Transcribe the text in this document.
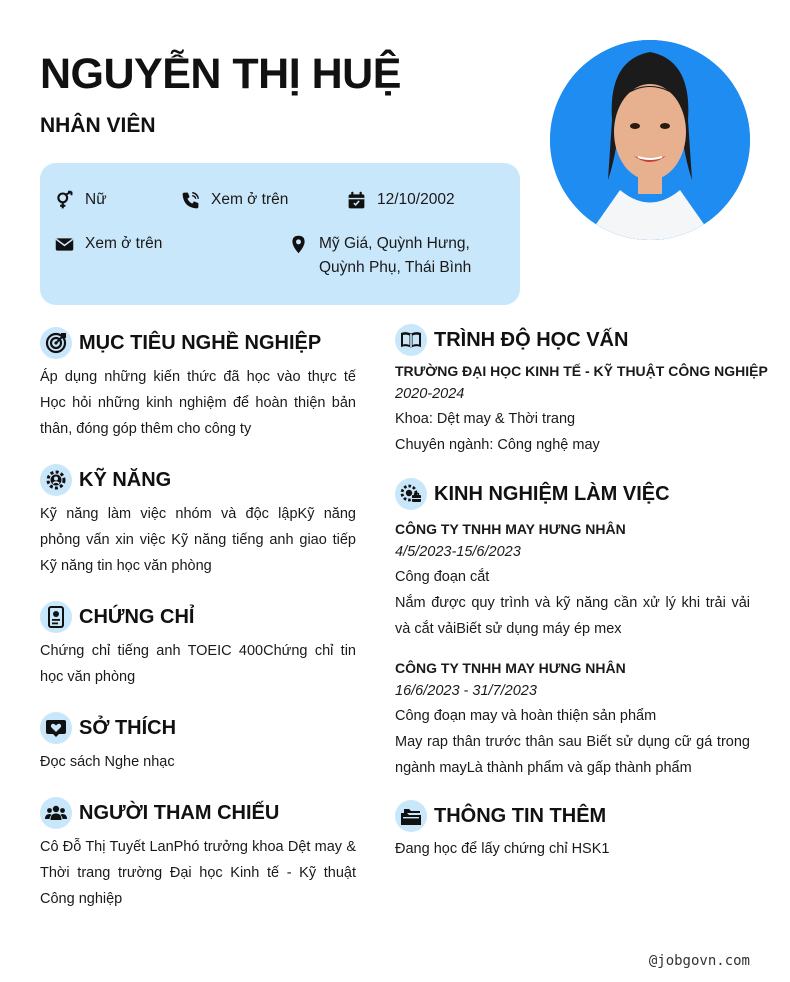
NGUYỄN THỊ HUỆ
NHÂN VIÊN
Nữ	Xem ở trên	12/10/2002
Xem ở trên	Mỹ Giá, Quỳnh Hưng,
Quỳnh Phụ, Thái Bình
MỤC TIÊU NGHỀ NGHIỆP
Áp dụng những kiến thức đã học vào thực tế Học hỏi những kinh nghiệm để hoàn thiện bản thân, đóng góp thêm cho công ty
KỸ NĂNG
Kỹ năng làm việc nhóm và độc lậpKỹ năng phỏng vấn xin việc Kỹ năng tiếng anh giao tiếp Kỹ năng tin học văn phòng
CHỨNG CHỈ
Chứng chỉ tiếng anh TOEIC 400Chứng chỉ tin học văn phòng
SỞ THÍCH
Đọc sách Nghe nhạc
NGƯỜI THAM CHIẾU
Cô Đỗ Thị Tuyết LanPhó trưởng khoa Dệt may & Thời trang trường Đại học Kinh tế - Kỹ thuật Công nghiệp
TRÌNH ĐỘ HỌC VẤN
TRƯỜNG ĐẠI HỌC KINH TẾ - KỸ THUẬT CÔNG NGHIỆP
2020-2024
Khoa: Dệt may & Thời trang
Chuyên ngành: Công nghệ may
KINH NGHIỆM LÀM VIỆC
CÔNG TY TNHH MAY HƯNG NHÂN
4/5/2023-15/6/2023
Công đoạn cắt
Nắm được quy trình và kỹ năng cần xử lý khi trải vải và cắt vảiBiết sử dụng máy ép mex
CÔNG TY TNHH MAY HƯNG NHÂN
16/6/2023 - 31/7/2023
Công đoạn may và hoàn thiện sản phẩm
May rap thân trước thân sau Biết sử dụng cữ gá trong ngành mayLà thành phẩm và gấp thành phẩm
THÔNG TIN THÊM
Đang học để lấy chứng chỉ HSK1
@jobgovn.com
